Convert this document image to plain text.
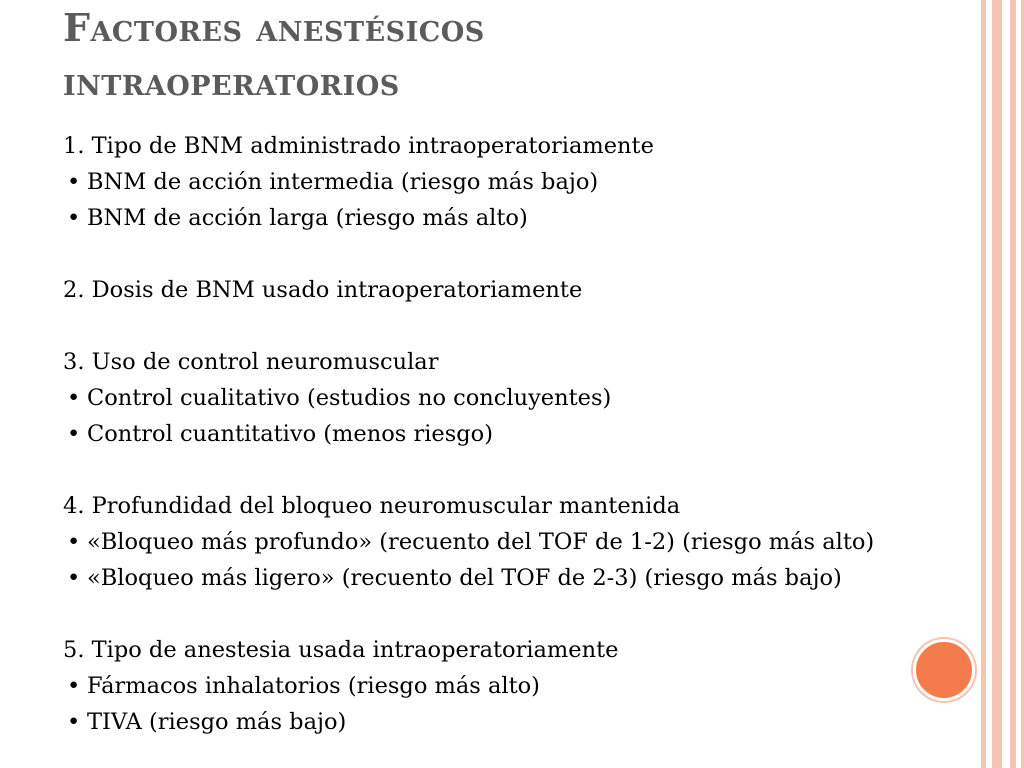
Factores anestésicos
intraoperatorios

1. Tipo de BNM administrado intraoperatoriamente

• BNM de acción intermedia (riesgo más bajo)

• BNM de acción larga (riesgo más alto)

2. Dosis de BNM usado intraoperatoriamente

3. Uso de control neuromuscular

• Control cualitativo (estudios no concluyentes)

• Control cuantitativo (menos riesgo)

4. Profundidad del bloqueo neuromuscular mantenida

• «Bloqueo más profundo» (recuento del TOF de 1-2) (riesgo más alto)

• «Bloqueo más ligero» (recuento del TOF de 2-3) (riesgo más bajo)

5. Tipo de anestesia usada intraoperatoriamente

• Fármacos inhalatorios (riesgo más alto)

• TIVA (riesgo más bajo)
